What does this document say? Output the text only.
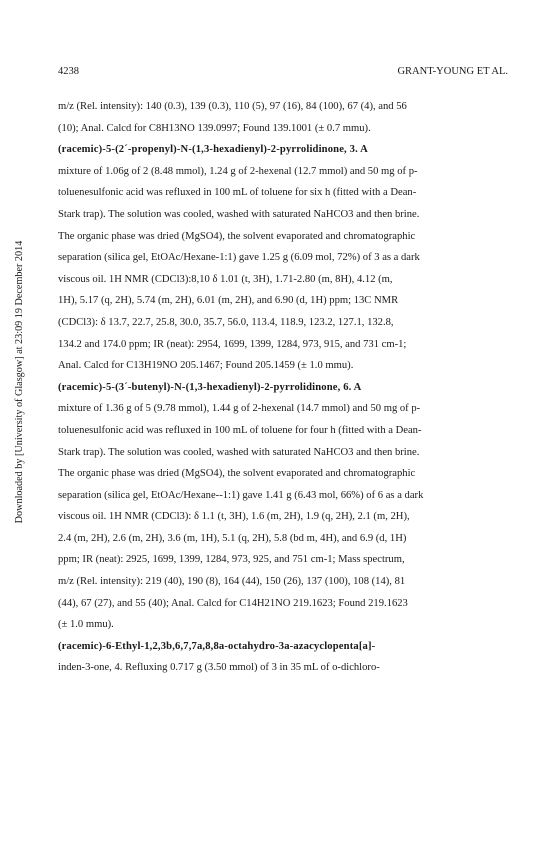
4238	GRANT-YOUNG ET AL.
Downloaded by [University of Glasgow] at 23:09 19 December 2014
m/z (Rel. intensity): 140 (0.3), 139 (0.3), 110 (5), 97 (16), 84 (100), 67 (4), and 56
(10); Anal. Calcd for C8H13NO 139.0997; Found 139.1001 (± 0.7 mmu).
(racemic)-5-(2´-propenyl)-N-(1,3-hexadienyl)-2-pyrrolidinone, 3. A
mixture of 1.06g of 2 (8.48 mmol), 1.24 g of 2-hexenal (12.7 mmol) and 50 mg of p-
toluenesulfonic acid was refluxed in 100 mL of toluene for six h (fitted with a Dean-
Stark trap). The solution was cooled, washed with saturated NaHCO3 and then brine.
The organic phase was dried (MgSO4), the solvent evaporated and chromatographic
separation (silica gel, EtOAc/Hexane-1:1) gave 1.25 g (6.09 mol, 72%) of 3 as a dark
viscous oil. 1H NMR (CDCl3):8,10 δ 1.01 (t, 3H), 1.71-2.80 (m, 8H), 4.12 (m,
1H), 5.17 (q, 2H), 5.74 (m, 2H), 6.01 (m, 2H), and 6.90 (d, 1H) ppm; 13C NMR
(CDCl3): δ 13.7, 22.7, 25.8, 30.0, 35.7, 56.0, 113.4, 118.9, 123.2, 127.1, 132.8,
134.2 and 174.0 ppm; IR (neat): 2954, 1699, 1399, 1284, 973, 915, and 731 cm-1;
Anal. Calcd for C13H19NO 205.1467; Found 205.1459 (± 1.0 mmu).
(racemic)-5-(3´-butenyl)-N-(1,3-hexadienyl)-2-pyrrolidinone, 6. A
mixture of 1.36 g of 5 (9.78 mmol), 1.44 g of 2-hexenal (14.7 mmol) and 50 mg of p-
toluenesulfonic acid was refluxed in 100 mL of toluene for four h (fitted with a Dean-
Stark trap). The solution was cooled, washed with saturated NaHCO3 and then brine.
The organic phase was dried (MgSO4), the solvent evaporated and chromatographic
separation (silica gel, EtOAc/Hexane--1:1) gave 1.41 g (6.43 mol, 66%) of 6 as a dark
viscous oil. 1H NMR (CDCl3): δ 1.1 (t, 3H), 1.6 (m, 2H), 1.9 (q, 2H), 2.1 (m, 2H),
2.4 (m, 2H), 2.6 (m, 2H), 3.6 (m, 1H), 5.1 (q, 2H), 5.8 (bd m, 4H), and 6.9 (d, 1H)
ppm; IR (neat): 2925, 1699, 1399, 1284, 973, 925, and 751 cm-1; Mass spectrum,
m/z (Rel. intensity): 219 (40), 190 (8), 164 (44), 150 (26), 137 (100), 108 (14), 81
(44), 67 (27), and 55 (40); Anal. Calcd for C14H21NO 219.1623; Found 219.1623
(± 1.0 mmu).
(racemic)-6-Ethyl-1,2,3b,6,7,7a,8,8a-octahydro-3a-azacyclopenta[a]-
inden-3-one, 4. Refluxing 0.717 g (3.50 mmol) of 3 in 35 mL of o-dichloro-
